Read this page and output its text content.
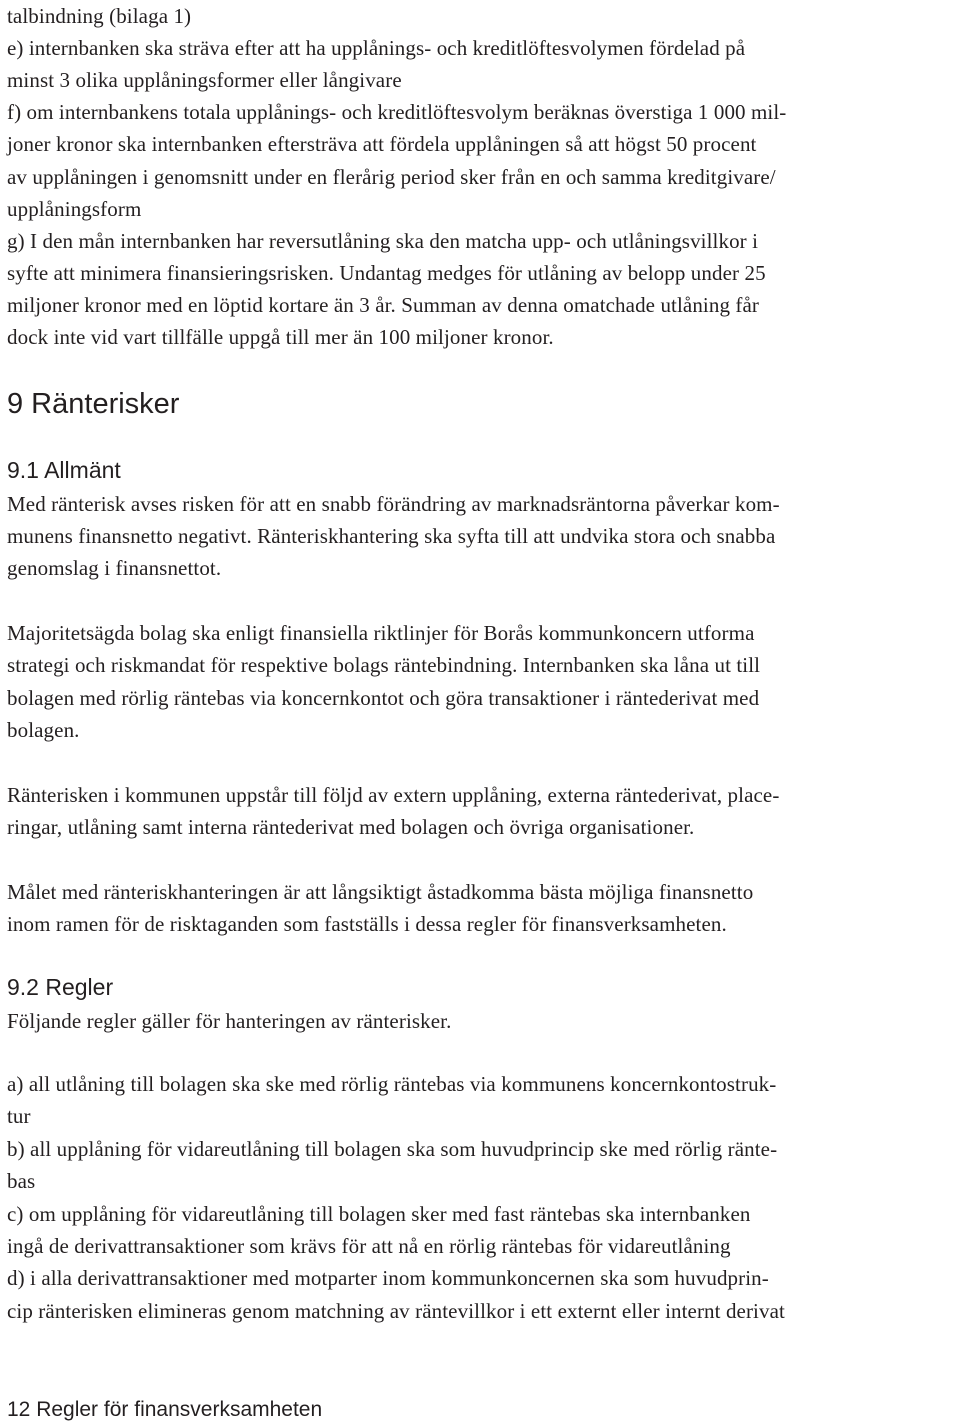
talbindning (bilaga 1)
e) internbanken ska sträva efter att ha upplånings- och kreditlöftesvolymen fördelad på
minst 3 olika upplåningsformer eller långivare
f) om internbankens totala upplånings- och kreditlöftesvolym beräknas överstiga 1 000 mil-
joner kronor ska internbanken eftersträva att fördela upplåningen så att högst 50 procent
av upplåningen i genomsnitt under en flerårig period sker från en och samma kreditgivare/
upplåningsform
g) I den mån internbanken har reversutlåning ska den matcha upp- och utlåningsvillkor i
syfte att minimera finansieringsrisken. Undantag medges för utlåning av belopp under 25
miljoner kronor med en löptid kortare än 3 år. Summan av denna omatchade utlåning får
dock inte vid vart tillfälle uppgå till mer än 100 miljoner kronor.
9 Ränterisker
9.1 Allmänt
Med ränterisk avses risken för att en snabb förändring av marknadsräntorna påverkar kom-
munens finansnetto negativt. Ränteriskhantering ska syfta till att undvika stora och snabba
genomslag i finansnettot.
Majoritetsägda bolag ska enligt finansiella riktlinjer för Borås kommunkoncern utforma
strategi och riskmandat för respektive bolags räntebindning. Internbanken ska låna ut till
bolagen med rörlig räntebas via koncernkontot och göra transaktioner i räntederivat med
bolagen.
Ränterisken i kommunen uppstår till följd av extern upplåning, externa räntederivat, place-
ringar, utlåning samt interna räntederivat med bolagen och övriga organisationer.
Målet med ränteriskhanteringen är att långsiktigt åstadkomma bästa möjliga finansnetto
inom ramen för de risktaganden som fastställs i dessa regler för finansverksamheten.
9.2 Regler
Följande regler gäller för hanteringen av ränterisker.
a) all utlåning till bolagen ska ske med rörlig räntebas via kommunens koncernkontostruk-
tur
b) all upplåning för vidareutlåning till bolagen ska som huvudprincip ske med rörlig ränte-
bas
c) om upplåning för vidareutlåning till bolagen sker med fast räntebas ska internbanken
ingå de derivattransaktioner som krävs för att nå en rörlig räntebas för vidareutlåning
d) i alla derivattransaktioner med motparter inom kommunkoncernen ska som huvudprin-
cip ränterisken elimineras genom matchning av räntevillkor i ett externt eller internt derivat
12 Regler för finansverksamheten
